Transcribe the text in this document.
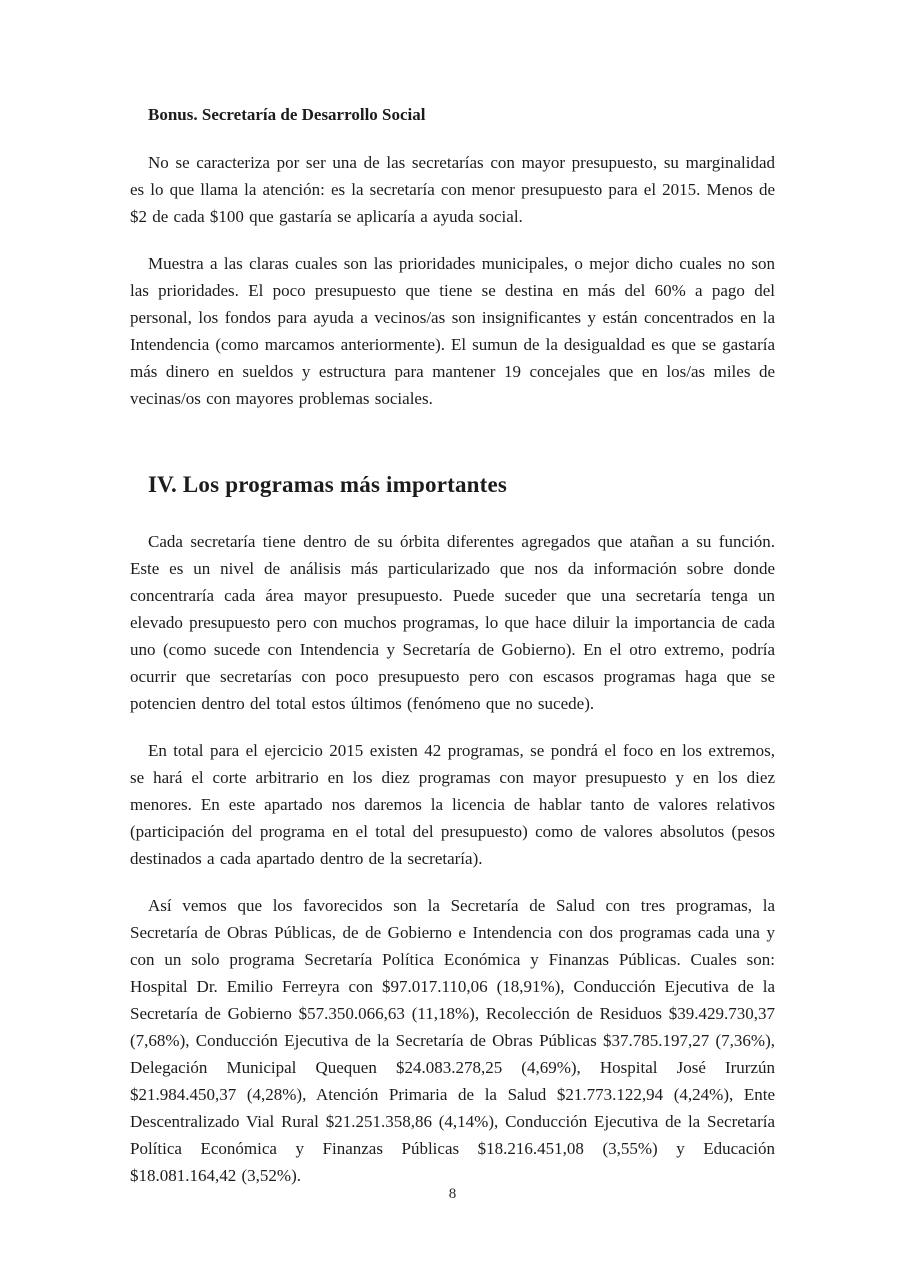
Bonus. Secretaría de Desarrollo Social

No se caracteriza por ser una de las secretarías con mayor presupuesto, su marginalidad es lo que llama la atención: es la secretaría con menor presupuesto para el 2015. Menos de $2 de cada $100 que gastaría se aplicaría a ayuda social.

Muestra a las claras cuales son las prioridades municipales, o mejor dicho cuales no son las prioridades. El poco presupuesto que tiene se destina en más del 60% a pago del personal, los fondos para ayuda a vecinos/as son insignificantes y están concentrados en la Intendencia (como marcamos anteriormente). El sumun de la desigualdad es que se gastaría más dinero en sueldos y estructura para mantener 19 concejales que en los/as miles de vecinas/os con mayores problemas sociales.

IV. Los programas más importantes

Cada secretaría tiene dentro de su órbita diferentes agregados que atañan a su función. Este es un nivel de análisis más particularizado que nos da información sobre donde concentraría cada área mayor presupuesto. Puede suceder que una secretaría tenga un elevado presupuesto pero con muchos programas, lo que hace diluir la importancia de cada uno (como sucede con Intendencia y Secretaría de Gobierno). En el otro extremo, podría ocurrir que secretarías con poco presupuesto pero con escasos programas haga que se potencien dentro del total estos últimos (fenómeno que no sucede).

En total para el ejercicio 2015 existen 42 programas, se pondrá el foco en los extremos, se hará el corte arbitrario en los diez programas con mayor presupuesto y en los diez menores. En este apartado nos daremos la licencia de hablar tanto de valores relativos (participación del programa en el total del presupuesto) como de valores absolutos (pesos destinados a cada apartado dentro de la secretaría).

Así vemos que los favorecidos son la Secretaría de Salud con tres programas, la Secretaría de Obras Públicas, de de Gobierno e Intendencia con dos programas cada una y con un solo programa Secretaría Política Económica y Finanzas Públicas. Cuales son: Hospital Dr. Emilio Ferreyra con $97.017.110,06 (18,91%), Conducción Ejecutiva de la Secretaría de Gobierno $57.350.066,63 (11,18%), Recolección de Residuos $39.429.730,37 (7,68%), Conducción Ejecutiva de la Secretaría de Obras Públicas $37.785.197,27 (7,36%), Delegación Municipal Quequen $24.083.278,25 (4,69%), Hospital José Irurzún $21.984.450,37 (4,28%), Atención Primaria de la Salud $21.773.122,94 (4,24%), Ente Descentralizado Vial Rural $21.251.358,86 (4,14%), Conducción Ejecutiva de la Secretaría Política Económica y Finanzas Públicas $18.216.451,08 (3,55%) y Educación $18.081.164,42 (3,52%).

8
